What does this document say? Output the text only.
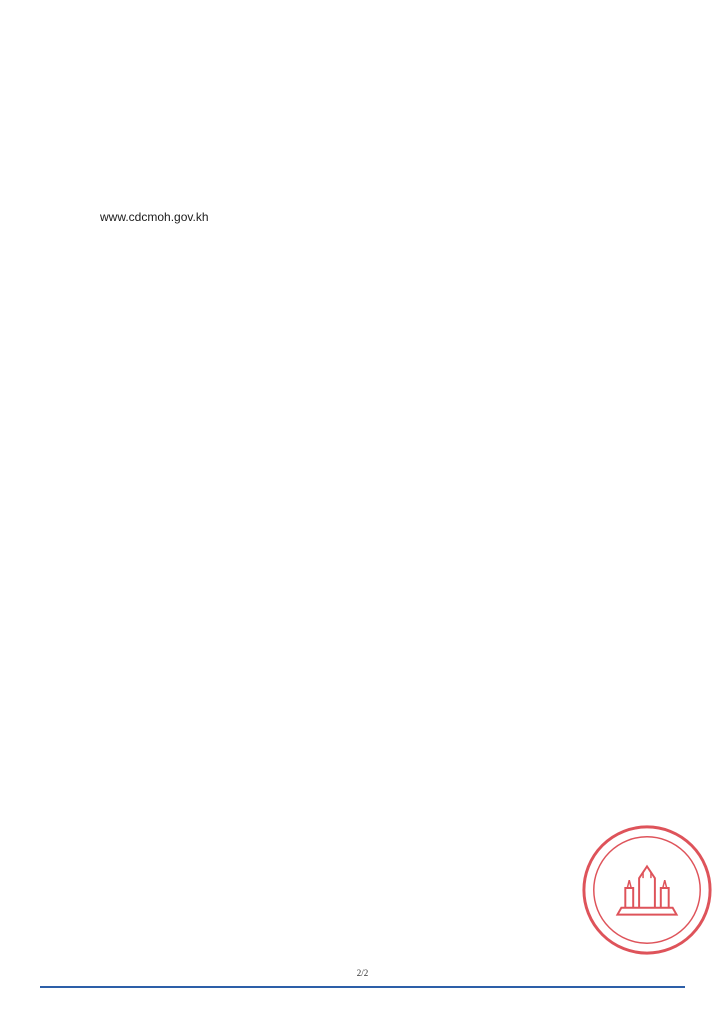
www.cdcmoh.gov.kh

2/2
